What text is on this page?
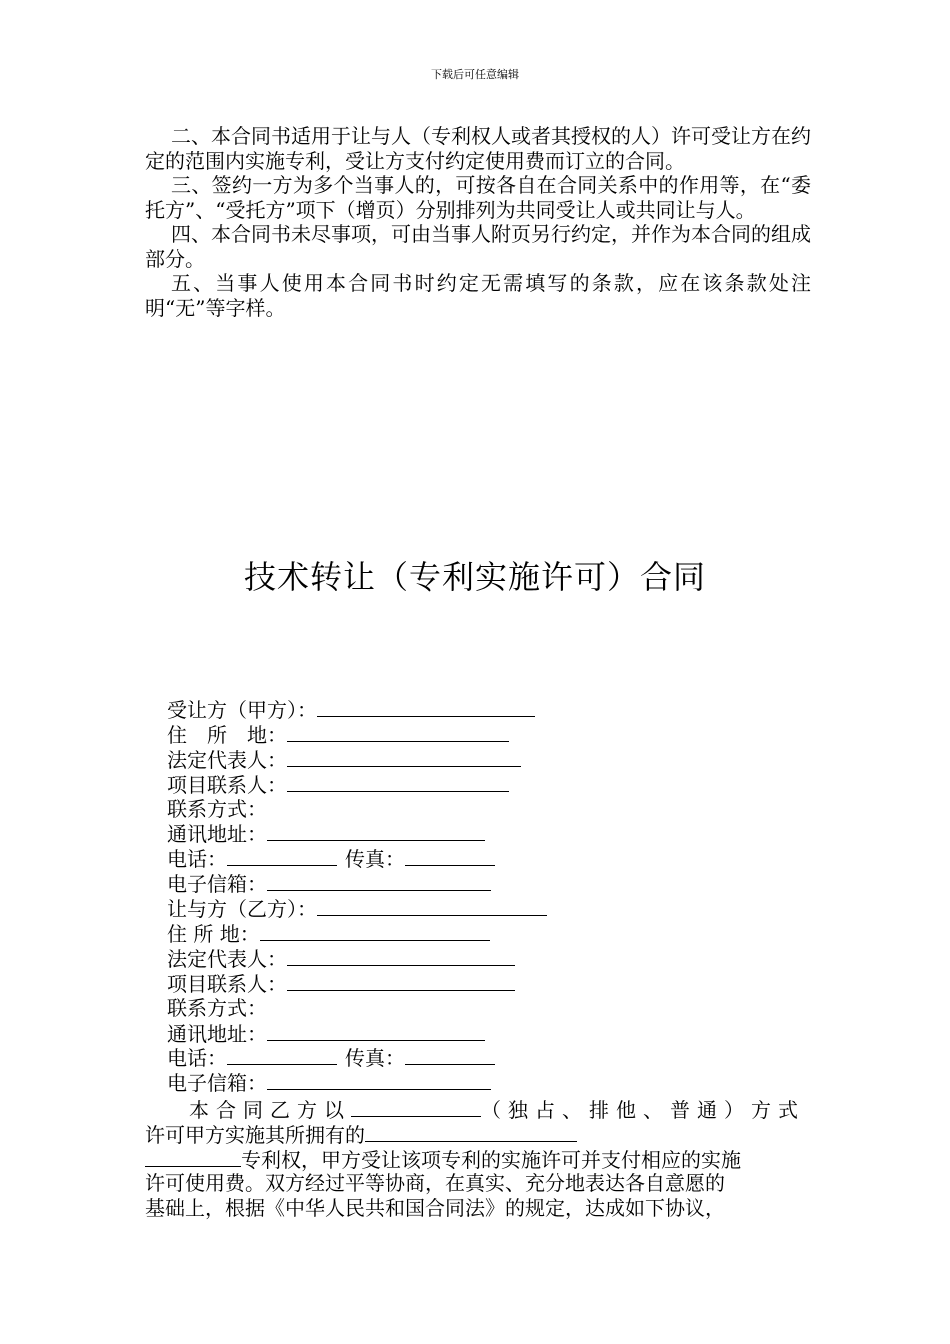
下载后可任意编辑

二、本合同书适用于让与人（专利权人或者其授权的人）许可受让方在约定的范围内实施专利，受让方支付约定使用费而订立的合同。

三、签约一方为多个当事人的，可按各自在合同关系中的作用等，在“委托方”、“受托方”项下（增页）分别排列为共同受让人或共同让与人。

四、本合同书未尽事项，可由当事人附页另行约定，并作为本合同的组成部分。

五、当事人使用本合同书时约定无需填写的条款，应在该条款处注明“无”等字样。

技术转让（专利实施许可）合同
受让方（甲方）：
住　所　地：
法定代表人：
项目联系人：
联系方式：
通讯地址：
电话：	传真：
电子信箱：
让与方（乙方）：
住 所 地：
法定代表人：
项目联系人：
联系方式：
通讯地址：
电话：	传真：
电子信箱：
本合同乙方以	（独占、排他、普通）方式
许可甲方实施其所拥有的
专利权，甲方受让该项专利的实施许可并支付相应的实施
许可使用费。双方经过平等协商，在真实、充分地表达各自意愿的
基础上，根据《中华人民共和国合同法》的规定，达成如下协议，
